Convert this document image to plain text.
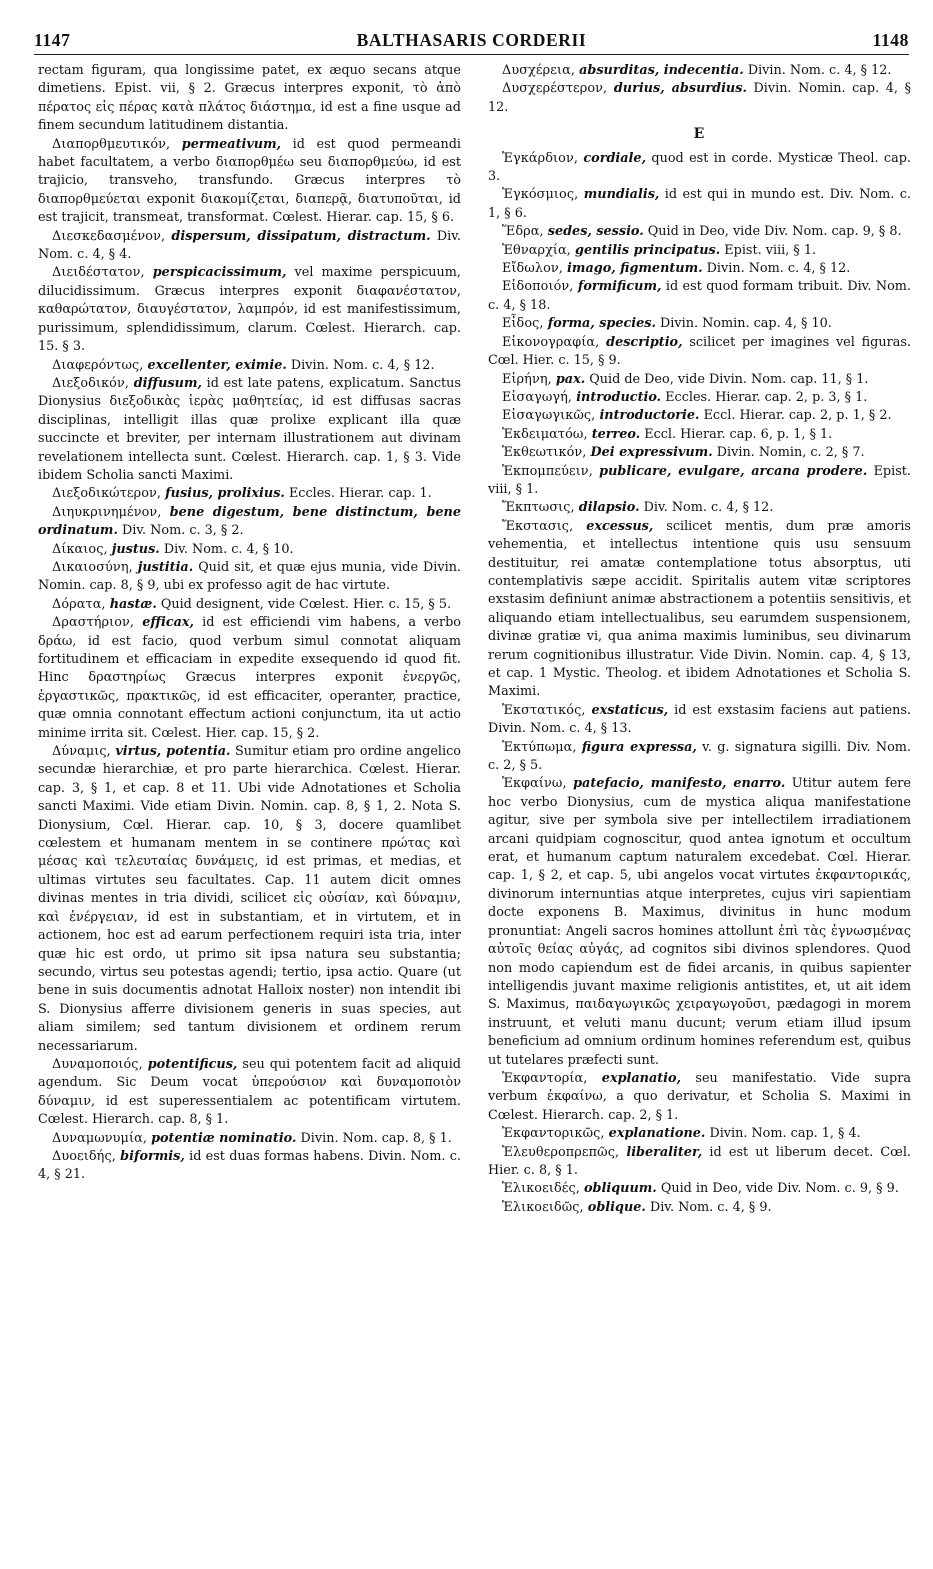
1147	BALTHASARIS CORDERII	1148
rectam figuram, qua longissime patet, ex æquo secans atque dimetiens. Epist. vii, § 2. Græcus interpres exponit, τὸ ἀπὸ πέρατος εἰς πέρας κατὰ πλάτος διάστημα, id est a fine usque ad finem secundum latitudinem distantia.
Διαπορθμευτικόν, permeativum, id est quod permeandi habet facultatem, a verbo διαπορθμέω seu διαπορθμεύω, id est trajicio, transveho, transfundo. Græcus interpres τὸ διαπορθμεύεται exponit διακομίζεται, διαπερᾷ, διατυποῦται, id est trajicit, transmeat, transformat. Cœlest. Hierar. cap. 15, § 6.
Διεσκεδασμένον, dispersum, dissipatum, distractum. Div. Nom. c. 4, § 4.
Διειδέστατον, perspicacissimum, vel maxime perspicuum, dilucidissimum. Græcus interpres exponit διαφανέστατον, καθαρώτατον, διαυγέστατον, λαμπρόν, id est manifestissimum, purissimum, splendidissimum, clarum. Cœlest. Hierarch. cap. 15. § 3.
Διαφερόντως, excellenter, eximie. Divin. Nom. c. 4, § 12.
Διεξοδικόν, diffusum, id est late patens, explicatum. Sanctus Dionysius διεξοδικὰς ἱερὰς μαθητείας, id est diffusas sacras disciplinas, intelligit illas quæ prolixe explicant illa quæ succincte et breviter, per internam illustrationem aut divinam revelationem intellecta sunt. Cœlest. Hierarch. cap. 1, § 3. Vide ibidem Scholia sancti Maximi.
Διεξοδικώτερον, fusius, prolixius. Eccles. Hierar. cap. 1.
Διηυκρινημένον, bene digestum, bene distinctum, bene ordinatum. Div. Nom. c. 3, § 2.
Δίκαιος, justus. Div. Nom. c. 4, § 10.
Δικαιοσύνη, justitia. Quid sit, et quæ ejus munia, vide Divin. Nomin. cap. 8, § 9, ubi ex professo agit de hac virtute.
Δόρατα, hastæ. Quid designent, vide Cœlest. Hier. c. 15, § 5.
Δραστήριον, efficax, id est efficiendi vim habens, a verbo δράω, id est facio, quod verbum simul connotat aliquam fortitudinem et efficaciam in expedite exsequendo id quod fit. Hinc δραστηρίως Græcus interpres exponit ἐνεργῶς, ἐργαστικῶς, πρακτικῶς, id est efficaciter, operanter, practice, quæ omnia connotant effectum actioni conjunctum, ita ut actio minime irrita sit. Cœlest. Hier. cap. 15, § 2.
Δύναμις, virtus, potentia. Sumitur etiam pro ordine angelico secundæ hierarchiæ, et pro parte hierarchica. Cœlest. Hierar. cap. 3, § 1, et cap. 8 et 11. Ubi vide Adnotationes et Scholia sancti Maximi. Vide etiam Divin. Nomin. cap. 8, § 1, 2. Nota S. Dionysium, Cœl. Hierar. cap. 10, § 3, docere quamlibet cœlestem et humanam mentem in se continere πρώτας καὶ μέσας καὶ τελευταίας δυνάμεις, id est primas, et medias, et ultimas virtutes seu facultates. Cap. 11 autem dicit omnes divinas mentes in tria dividi, scilicet εἰς οὐσίαν, καὶ δύναμιν, καὶ ἐνέργειαν, id est in substantiam, et in virtutem, et in actionem, hoc est ad earum perfectionem requiri ista tria, inter quæ hic est ordo, ut primo sit ipsa natura seu substantia; secundo, virtus seu potestas agendi; tertio, ipsa actio. Quare (ut bene in suis documentis adnotat Halloix noster) non intendit ibi S. Dionysius afferre divisionem generis in suas species, aut aliam similem; sed tantum divisionem et ordinem rerum necessariarum.
Δυναμοποιός, potentificus, seu qui potentem facit ad aliquid agendum. Sic Deum vocat ὑπερούσιον καὶ δυναμοποιὸν δύναμιν, id est superessentialem ac potentificam virtutem. Cœlest. Hierarch. cap. 8, § 1.
Δυναμωνυμία, potentiæ nominatio. Divin. Nom. cap. 8, § 1.
Δυοειδής, biformis, id est duas formas habens. Divin. Nom. c. 4, § 21.
Δυσχέρεια, absurditas, indecentia. Divin. Nom. c. 4, § 12.
Δυσχερέστερον, durius, absurdius. Divin. Nomin. cap. 4, § 12.
E
Ἐγκάρδιον, cordiale, quod est in corde. Mysticæ Theol. cap. 3.
Ἐγκόσμιος, mundialis, id est qui in mundo est. Div. Nom. c. 1, § 6.
Ἕδρα, sedes, sessio. Quid in Deo, vide Div. Nom. cap. 9, § 8.
Ἐθναρχία, gentilis principatus. Epist. viii, § 1.
Εἴδωλον, imago, figmentum. Divin. Nom. c. 4, § 12.
Εἰδοποιόν, formificum, id est quod formam tribuit. Div. Nom. c. 4, § 18.
Εἶδος, forma, species. Divin. Nomin. cap. 4, § 10.
Εἰκονογραφία, descriptio, scilicet per imagines vel figuras. Cœl. Hier. c. 15, § 9.
Εἰρήνη, pax. Quid de Deo, vide Divin. Nom. cap. 11, § 1.
Εἰσαγωγή, introductio. Eccles. Hierar. cap. 2, p. 3, § 1.
Εἰσαγωγικῶς, introductorie. Eccl. Hierar. cap. 2, p. 1, § 2.
Ἐκδειματόω, terreo. Eccl. Hierar. cap. 6, p. 1, § 1.
Ἐκθεωτικόν, Dei expressivum. Divin. Nomin, c. 2, § 7.
Ἐκπομπεύειν, publicare, evulgare, arcana prodere. Epist. viii, § 1.
Ἔκπτωσις, dilapsio. Div. Nom. c. 4, § 12.
Ἔκστασις, excessus, scilicet mentis, dum præ amoris vehementia, et intellectus intentione quis usu sensuum destituitur, rei amatæ contemplatione totus absorptus, uti contemplativis sæpe accidit. Spiritalis autem vitæ scriptores exstasim definiunt animæ abstractionem a potentiis sensitivis, et aliquando etiam intellectualibus, seu earumdem suspensionem, divinæ gratiæ vi, qua anima maximis luminibus, seu divinarum rerum cognitionibus illustratur. Vide Divin. Nomin. cap. 4, § 13, et cap. 1 Mystic. Theolog. et ibidem Adnotationes et Scholia S. Maximi.
Ἐκστατικός, exstaticus, id est exstasim faciens aut patiens. Divin. Nom. c. 4, § 13.
Ἐκτύπωμα, figura expressa, v. g. signatura sigilli. Div. Nom. c. 2, § 5.
Ἐκφαίνω, patefacio, manifesto, enarro. Utitur autem fere hoc verbo Dionysius, cum de mystica aliqua manifestatione agitur, sive per symbola sive per intellectilem irradiationem arcani quidpiam cognoscitur, quod antea ignotum et occultum erat, et humanum captum naturalem excedebat. Cœl. Hierar. cap. 1, § 2, et cap. 5, ubi angelos vocat virtutes ἐκφαντορικάς, divinorum internuntias atque interpretes, cujus viri sapientiam docte exponens B. Maximus, divinitus in hunc modum pronuntiat: Angeli sacros homines attollunt ἐπὶ τὰς ἐγνωσμένας αὐτοῖς θείας αὐγάς, ad cognitos sibi divinos splendores. Quod non modo capiendum est de fidei arcanis, in quibus sapienter intelligendis juvant maxime religionis antistites, et, ut ait idem S. Maximus, παιδαγωγικῶς χειραγωγοῦσι, pædagogi in morem instruunt, et veluti manu ducunt; verum etiam illud ipsum beneficium ad omnium ordinum homines referendum est, quibus ut tutelares præfecti sunt.
Ἐκφαντορία, explanatio, seu manifestatio. Vide supra verbum ἐκφαίνω, a quo derivatur, et Scholia S. Maximi in Cœlest. Hierarch. cap. 2, § 1.
Ἐκφαντορικῶς, explanatione. Divin. Nom. cap. 1, § 4.
Ἐλευθεροπρεπῶς, liberaliter, id est ut liberum decet. Cœl. Hier. c. 8, § 1.
Ἑλικοειδές, obliquum. Quid in Deo, vide Div. Nom. c. 9, § 9.
Ἑλικοειδῶς, oblique. Div. Nom. c. 4, § 9.
